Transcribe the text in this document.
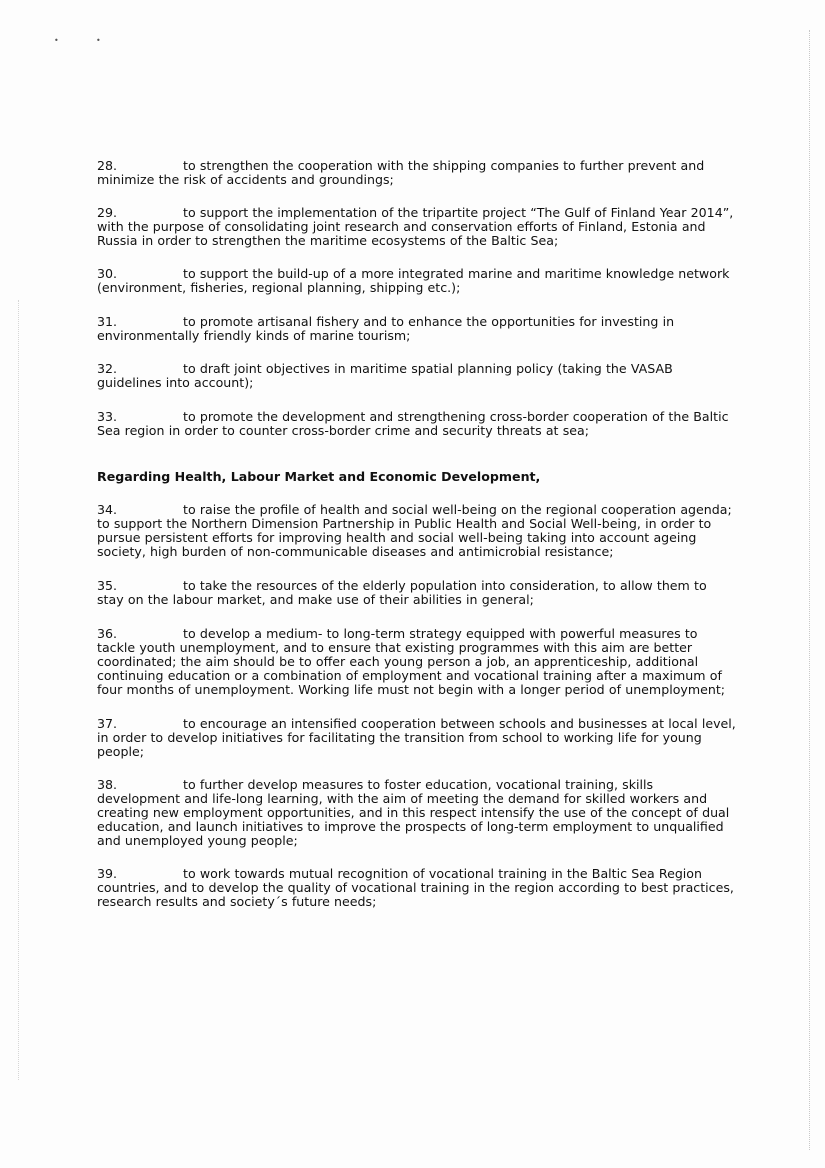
•	•

28.	to strengthen the cooperation with the shipping companies to further prevent and minimize the risk of accidents and groundings;

29.	to support the implementation of the tripartite project “The Gulf of Finland Year 2014”, with the purpose of consolidating joint research and conservation efforts of Finland, Estonia and Russia in order to strengthen the maritime ecosystems of the Baltic Sea;

30.	to support the build-up of a more integrated marine and maritime knowledge network (environment, fisheries, regional planning, shipping etc.);

31.	to promote artisanal fishery and to enhance the opportunities for investing in environmentally friendly kinds of marine tourism;

32.	to draft joint objectives in maritime spatial planning policy (taking the VASAB guidelines into account);

33.	to promote the development and strengthening cross-border cooperation of the Baltic Sea region in order to counter cross-border crime and security threats at sea;

Regarding Health, Labour Market and Economic Development,

34.	to raise the profile of health and social well-being on the regional cooperation agenda; to support the Northern Dimension Partnership in Public Health and Social Well-being, in order to pursue persistent efforts for improving health and social well-being taking into account ageing society, high burden of non-communicable diseases and antimicrobial resistance;

35.	to take the resources of the elderly population into consideration, to allow them to stay on the labour market, and make use of their abilities in general;

36.	to develop a medium- to long-term strategy equipped with powerful measures to tackle youth unemployment, and to ensure that existing programmes with this aim are better coordinated; the aim should be to offer each young person a job, an apprenticeship, additional continuing education or a combination of employment and vocational training after a maximum of four months of unemployment. Working life must not begin with a longer period of unemployment;

37.	to encourage an intensified cooperation between schools and businesses at local level, in order to develop initiatives for facilitating the transition from school to working life for young people;

38.	to further develop measures to foster education, vocational training, skills development and life-long learning, with the aim of meeting the demand for skilled workers and creating new employment opportunities, and in this respect intensify the use of the concept of dual education, and launch initiatives to improve the prospects of long-term employment to unqualified and unemployed young people;

39.	to work towards mutual recognition of vocational training in the Baltic Sea Region countries, and to develop the quality of vocational training in the region according to best practices, research results and society´s future needs;
